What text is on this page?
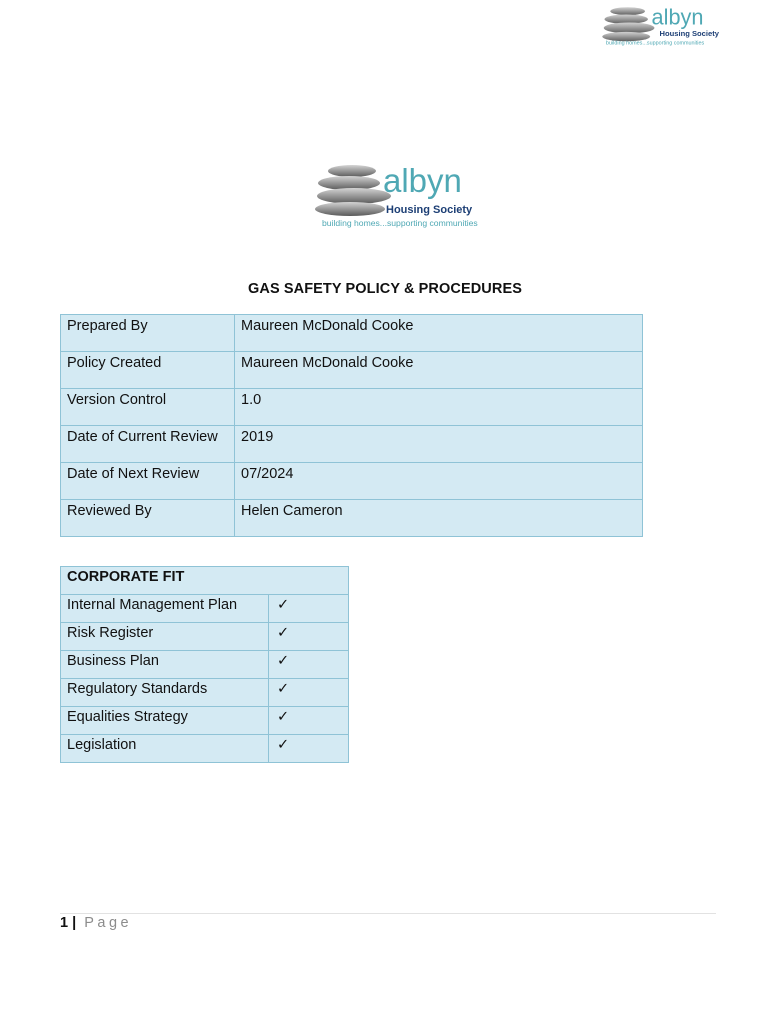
albyn
Housing Society
building homes...supporting communities
albyn
Housing Society
building homes...supporting communities
GAS SAFETY POLICY & PROCEDURES
Prepared By	Maureen McDonald Cooke
Policy Created	Maureen McDonald Cooke
Version Control	1.0
Date of Current Review	2019
Date of Next Review	07/2024
Reviewed By	Helen Cameron
CORPORATE FIT	
Internal Management Plan	✓
Risk Register	✓
Business Plan	✓
Regulatory Standards	✓
Equalities Strategy	✓
Legislation	✓
1 | Page
